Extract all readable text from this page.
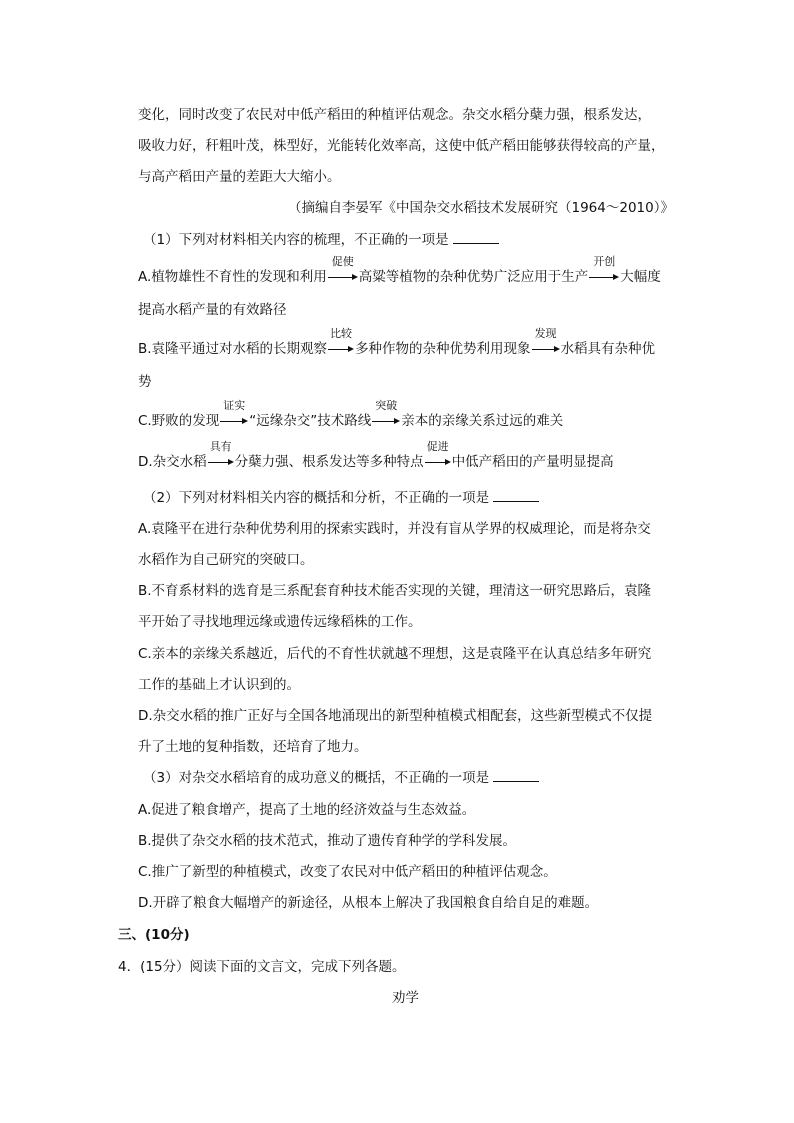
变化，同时改变了农民对中低产稻田的种植评估观念。杂交水稻分蘖力强，根系发达，
吸收力好，秆粗叶茂，株型好，光能转化效率高，这使中低产稻田能够获得较高的产量，
与高产稻田产量的差距大大缩小。
（摘编自李晏军《中国杂交水稻技术发展研究（1964～2010）》
（1）下列对材料相关内容的梳理，不正确的一项是
A.植物雄性不育性的发现和利用
促使
高粱等植物的杂种优势广泛应用于生产
开创
大幅度
提高水稻产量的有效路径
B.袁隆平通过对水稻的长期观察
比较
多种作物的杂种优势利用现象
发现
水稻具有杂种优
势
C.野败的发现
证实
“远缘杂交”技术路线
突破
亲本的亲缘关系过远的难关
D.杂交水稻
具有
分蘖力强、根系发达等多种特点
促进
中低产稻田的产量明显提高
（2）下列对材料相关内容的概括和分析，不正确的一项是
A.袁隆平在进行杂种优势利用的探索实践时，并没有盲从学界的权威理论，而是将杂交
水稻作为自己研究的突破口。
B.不育系材料的选育是三系配套育种技术能否实现的关键，理清这一研究思路后，袁隆
平开始了寻找地理远缘或遗传远缘稻株的工作。
C.亲本的亲缘关系越近，后代的不育性状就越不理想，这是袁隆平在认真总结多年研究
工作的基础上才认识到的。
D.杂交水稻的推广正好与全国各地涌现出的新型种植模式相配套，这些新型模式不仅提
升了土地的复种指数，还培育了地力。
（3）对杂交水稻培育的成功意义的概括，不正确的一项是
A.促进了粮食增产，提高了土地的经济效益与生态效益。
B.提供了杂交水稻的技术范式，推动了遗传育种学的学科发展。
C.推广了新型的种植模式，改变了农民对中低产稻田的种植评估观念。
D.开辟了粮食大幅增产的新途径，从根本上解决了我国粮食自给自足的难题。
三、(10分)
4．(15分）阅读下面的文言文，完成下列各题。
劝学
